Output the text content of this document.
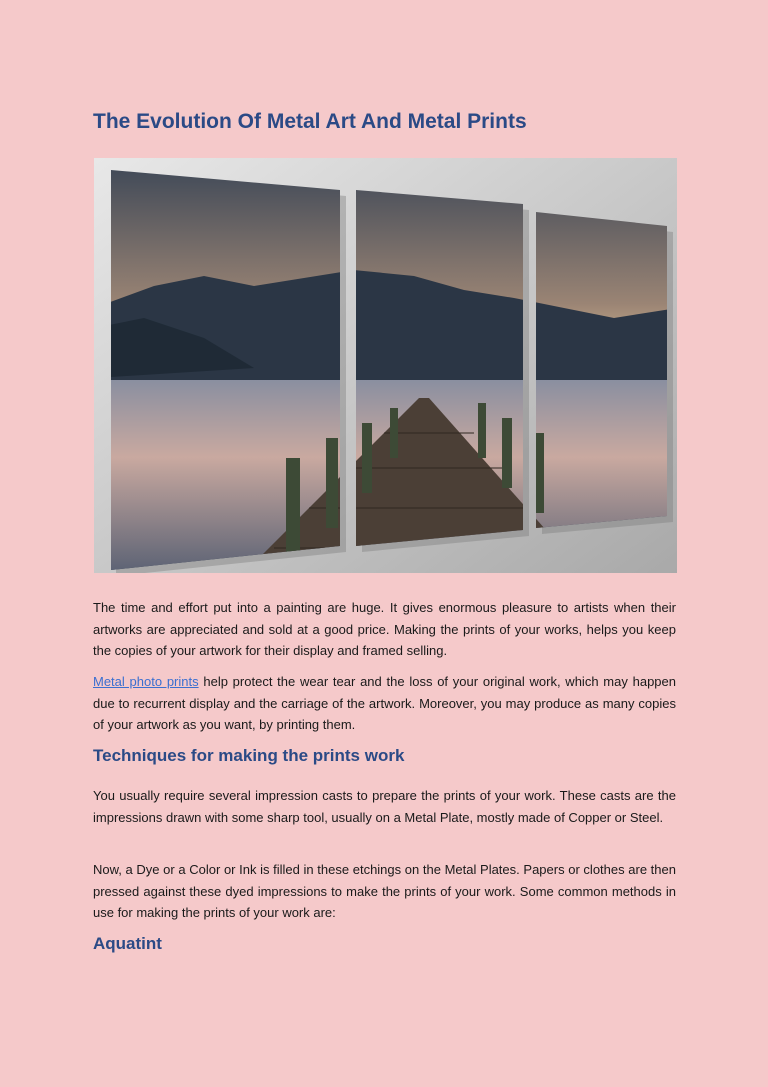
The Evolution Of Metal Art And Metal Prints

The time and effort put into a painting are huge. It gives enormous pleasure to artists when their artworks are appreciated and sold at a good price. Making the prints of your works, helps you keep the copies of your artwork for their display and framed selling.

Metal photo prints help protect the wear tear and the loss of your original work, which may happen due to recurrent display and the carriage of the artwork. Moreover, you may produce as many copies of your artwork as you want, by printing them.

Techniques for making the prints work

You usually require several impression casts to prepare the prints of your work. These casts are the impressions drawn with some sharp tool, usually on a Metal Plate, mostly made of Copper or Steel.

Now, a Dye or a Color or Ink is filled in these etchings on the Metal Plates. Papers or clothes are then pressed against these dyed impressions to make the prints of your work. Some common methods in use for making the prints of your work are:

Aquatint
